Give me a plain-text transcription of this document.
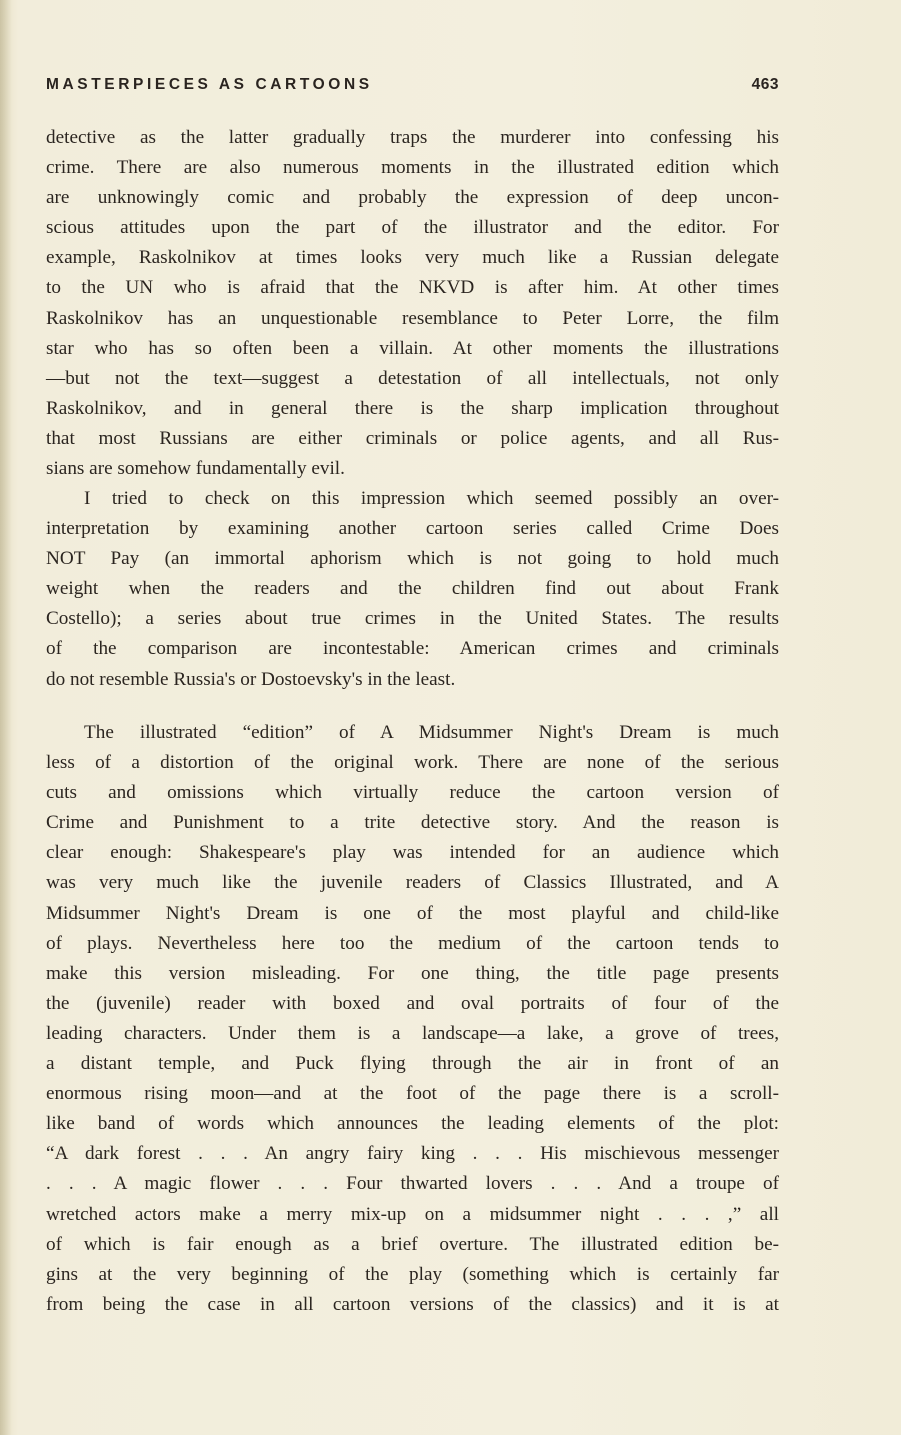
MASTERPIECES AS CARTOONS	463
detective as the latter gradually traps the murderer into confessing his
crime. There are also numerous moments in the illustrated edition which
are unknowingly comic and probably the expression of deep uncon-
scious attitudes upon the part of the illustrator and the editor. For
example, Raskolnikov at times looks very much like a Russian delegate
to the UN who is afraid that the NKVD is after him. At other times
Raskolnikov has an unquestionable resemblance to Peter Lorre, the film
star who has so often been a villain. At other moments the illustrations
—but not the text—suggest a detestation of all intellectuals, not only
Raskolnikov, and in general there is the sharp implication throughout
that most Russians are either criminals or police agents, and all Rus-
sians are somehow fundamentally evil.
I tried to check on this impression which seemed possibly an over-
interpretation by examining another cartoon series called Crime Does
NOT Pay (an immortal aphorism which is not going to hold much
weight when the readers and the children find out about Frank
Costello); a series about true crimes in the United States. The results
of the comparison are incontestable: American crimes and criminals
do not resemble Russia's or Dostoevsky's in the least.
The illustrated “edition” of A Midsummer Night's Dream is much
less of a distortion of the original work. There are none of the serious
cuts and omissions which virtually reduce the cartoon version of
Crime and Punishment to a trite detective story. And the reason is
clear enough: Shakespeare's play was intended for an audience which
was very much like the juvenile readers of Classics Illustrated, and A
Midsummer Night's Dream is one of the most playful and child-like
of plays. Nevertheless here too the medium of the cartoon tends to
make this version misleading. For one thing, the title page presents
the (juvenile) reader with boxed and oval portraits of four of the
leading characters. Under them is a landscape—a lake, a grove of trees,
a distant temple, and Puck flying through the air in front of an
enormous rising moon—and at the foot of the page there is a scroll-
like band of words which announces the leading elements of the plot:
“A dark forest . . . An angry fairy king . . . His mischievous messenger
. . . A magic flower . . . Four thwarted lovers . . . And a troupe of
wretched actors make a merry mix-up on a midsummer night . . . ,” all
of which is fair enough as a brief overture. The illustrated edition be-
gins at the very beginning of the play (something which is certainly far
from being the case in all cartoon versions of the classics) and it is at
